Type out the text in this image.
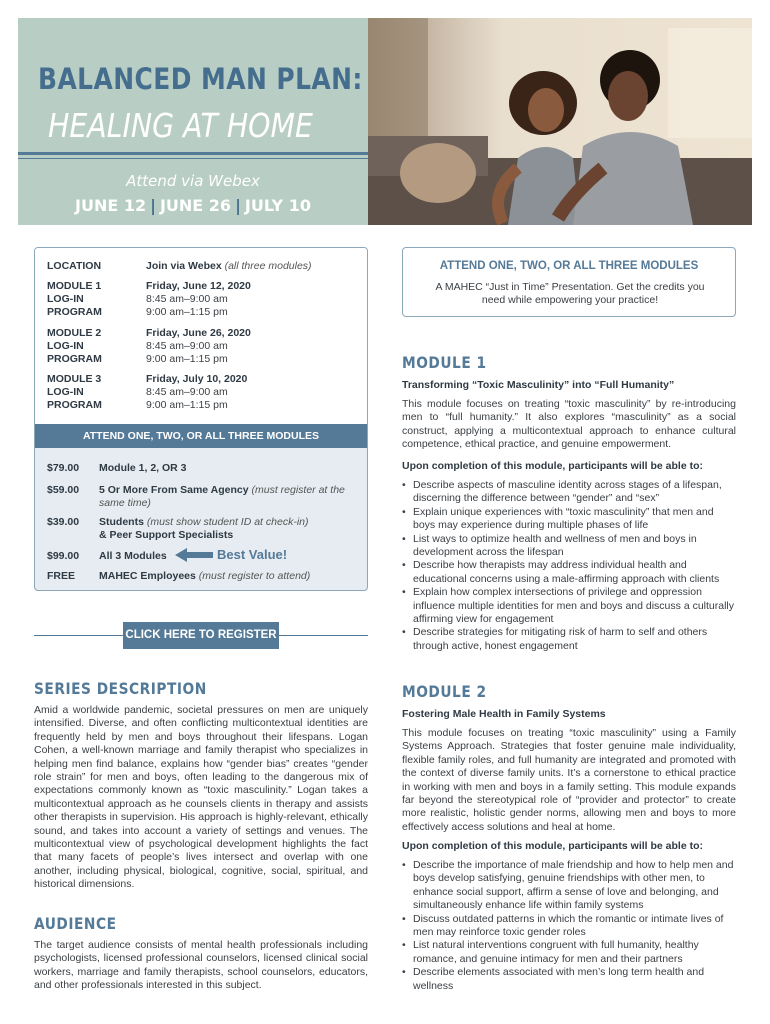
BALANCED MAN PLAN:
HEALING AT HOME
Attend via Webex
JUNE 12 | JUNE 26 | JULY 10
LOCATION	Join via Webex (all three modules)
MODULE 1	Friday, June 12, 2020
LOG-IN	8:45 am–9:00 am
PROGRAM	9:00 am–1:15 pm
MODULE 2	Friday, June 26, 2020
LOG-IN	8:45 am–9:00 am
PROGRAM	9:00 am–1:15 pm
MODULE 3	Friday, July 10, 2020
LOG-IN	8:45 am–9:00 am
PROGRAM	9:00 am–1:15 pm
ATTEND ONE, TWO, OR ALL THREE MODULES
$79.00	Module 1, 2, OR 3
$59.00	5 Or More From Same Agency (must register at the same time)
$39.00	Students (must show student ID at check-in)
& Peer Support Specialists
$99.00	All 3 Modules	Best Value!
FREE	MAHEC Employees (must register to attend)
CLICK HERE TO REGISTER
SERIES DESCRIPTION
Amid a worldwide pandemic, societal pressures on men are uniquely intensified. Diverse, and often conflicting multicontextual identities are frequently held by men and boys throughout their lifespans. Logan Cohen, a well-known marriage and family therapist who specializes in helping men find balance, explains how “gender bias” creates “gender role strain” for men and boys, often leading to the dangerous mix of expectations commonly known as “toxic masculinity.” Logan takes a multicontextual approach as he counsels clients in therapy and assists other therapists in supervision. His approach is highly-relevant, ethically sound, and takes into account a variety of settings and venues. The multicontextual view of psychological development highlights the fact that many facets of people’s lives intersect and overlap with one another, including physical, biological, cognitive, social, spiritual, and historical dimensions.
AUDIENCE
The target audience consists of mental health professionals including psychologists, licensed professional counselors, licensed clinical social workers, marriage and family therapists, school counselors, educators, and other professionals interested in this subject.
ATTEND ONE, TWO, OR ALL THREE MODULES
A MAHEC “Just in Time” Presentation. Get the credits you need while empowering your practice!
MODULE 1
Transforming “Toxic Masculinity” into “Full Humanity”
This module focuses on treating “toxic masculinity” by re-introducing men to “full humanity.” It also explores “masculinity” as a social construct, applying a multicontextual approach to enhance cultural competence, ethical practice, and genuine empowerment.
Upon completion of this module, participants will be able to:
• Describe aspects of masculine identity across stages of a lifespan, discerning the difference between “gender” and “sex”
• Explain unique experiences with “toxic masculinity” that men and boys may experience during multiple phases of life
• List ways to optimize health and wellness of men and boys in development across the lifespan
• Describe how therapists may address individual health and educational concerns using a male-affirming approach with clients
• Explain how complex intersections of privilege and oppression influence multiple identities for men and boys and discuss a culturally affirming view for engagement
• Describe strategies for mitigating risk of harm to self and others through active, honest engagement
MODULE 2
Fostering Male Health in Family Systems
This module focuses on treating “toxic masculinity” using a Family Systems Approach. Strategies that foster genuine male individuality, flexible family roles, and full humanity are integrated and promoted with the context of diverse family units. It’s a cornerstone to ethical practice in working with men and boys in a family setting. This module expands far beyond the stereotypical role of “provider and protector” to create more realistic, holistic gender norms, allowing men and boys to more effectively access solutions and heal at home.
Upon completion of this module, participants will be able to:
• Describe the importance of male friendship and how to help men and boys develop satisfying, genuine friendships with other men, to enhance social support, affirm a sense of love and belonging, and simultaneously enhance life within family systems
• Discuss outdated patterns in which the romantic or intimate lives of men may reinforce toxic gender roles
• List natural interventions congruent with full humanity, healthy romance, and genuine intimacy for men and their partners
• Describe elements associated with men’s long term health and wellness
